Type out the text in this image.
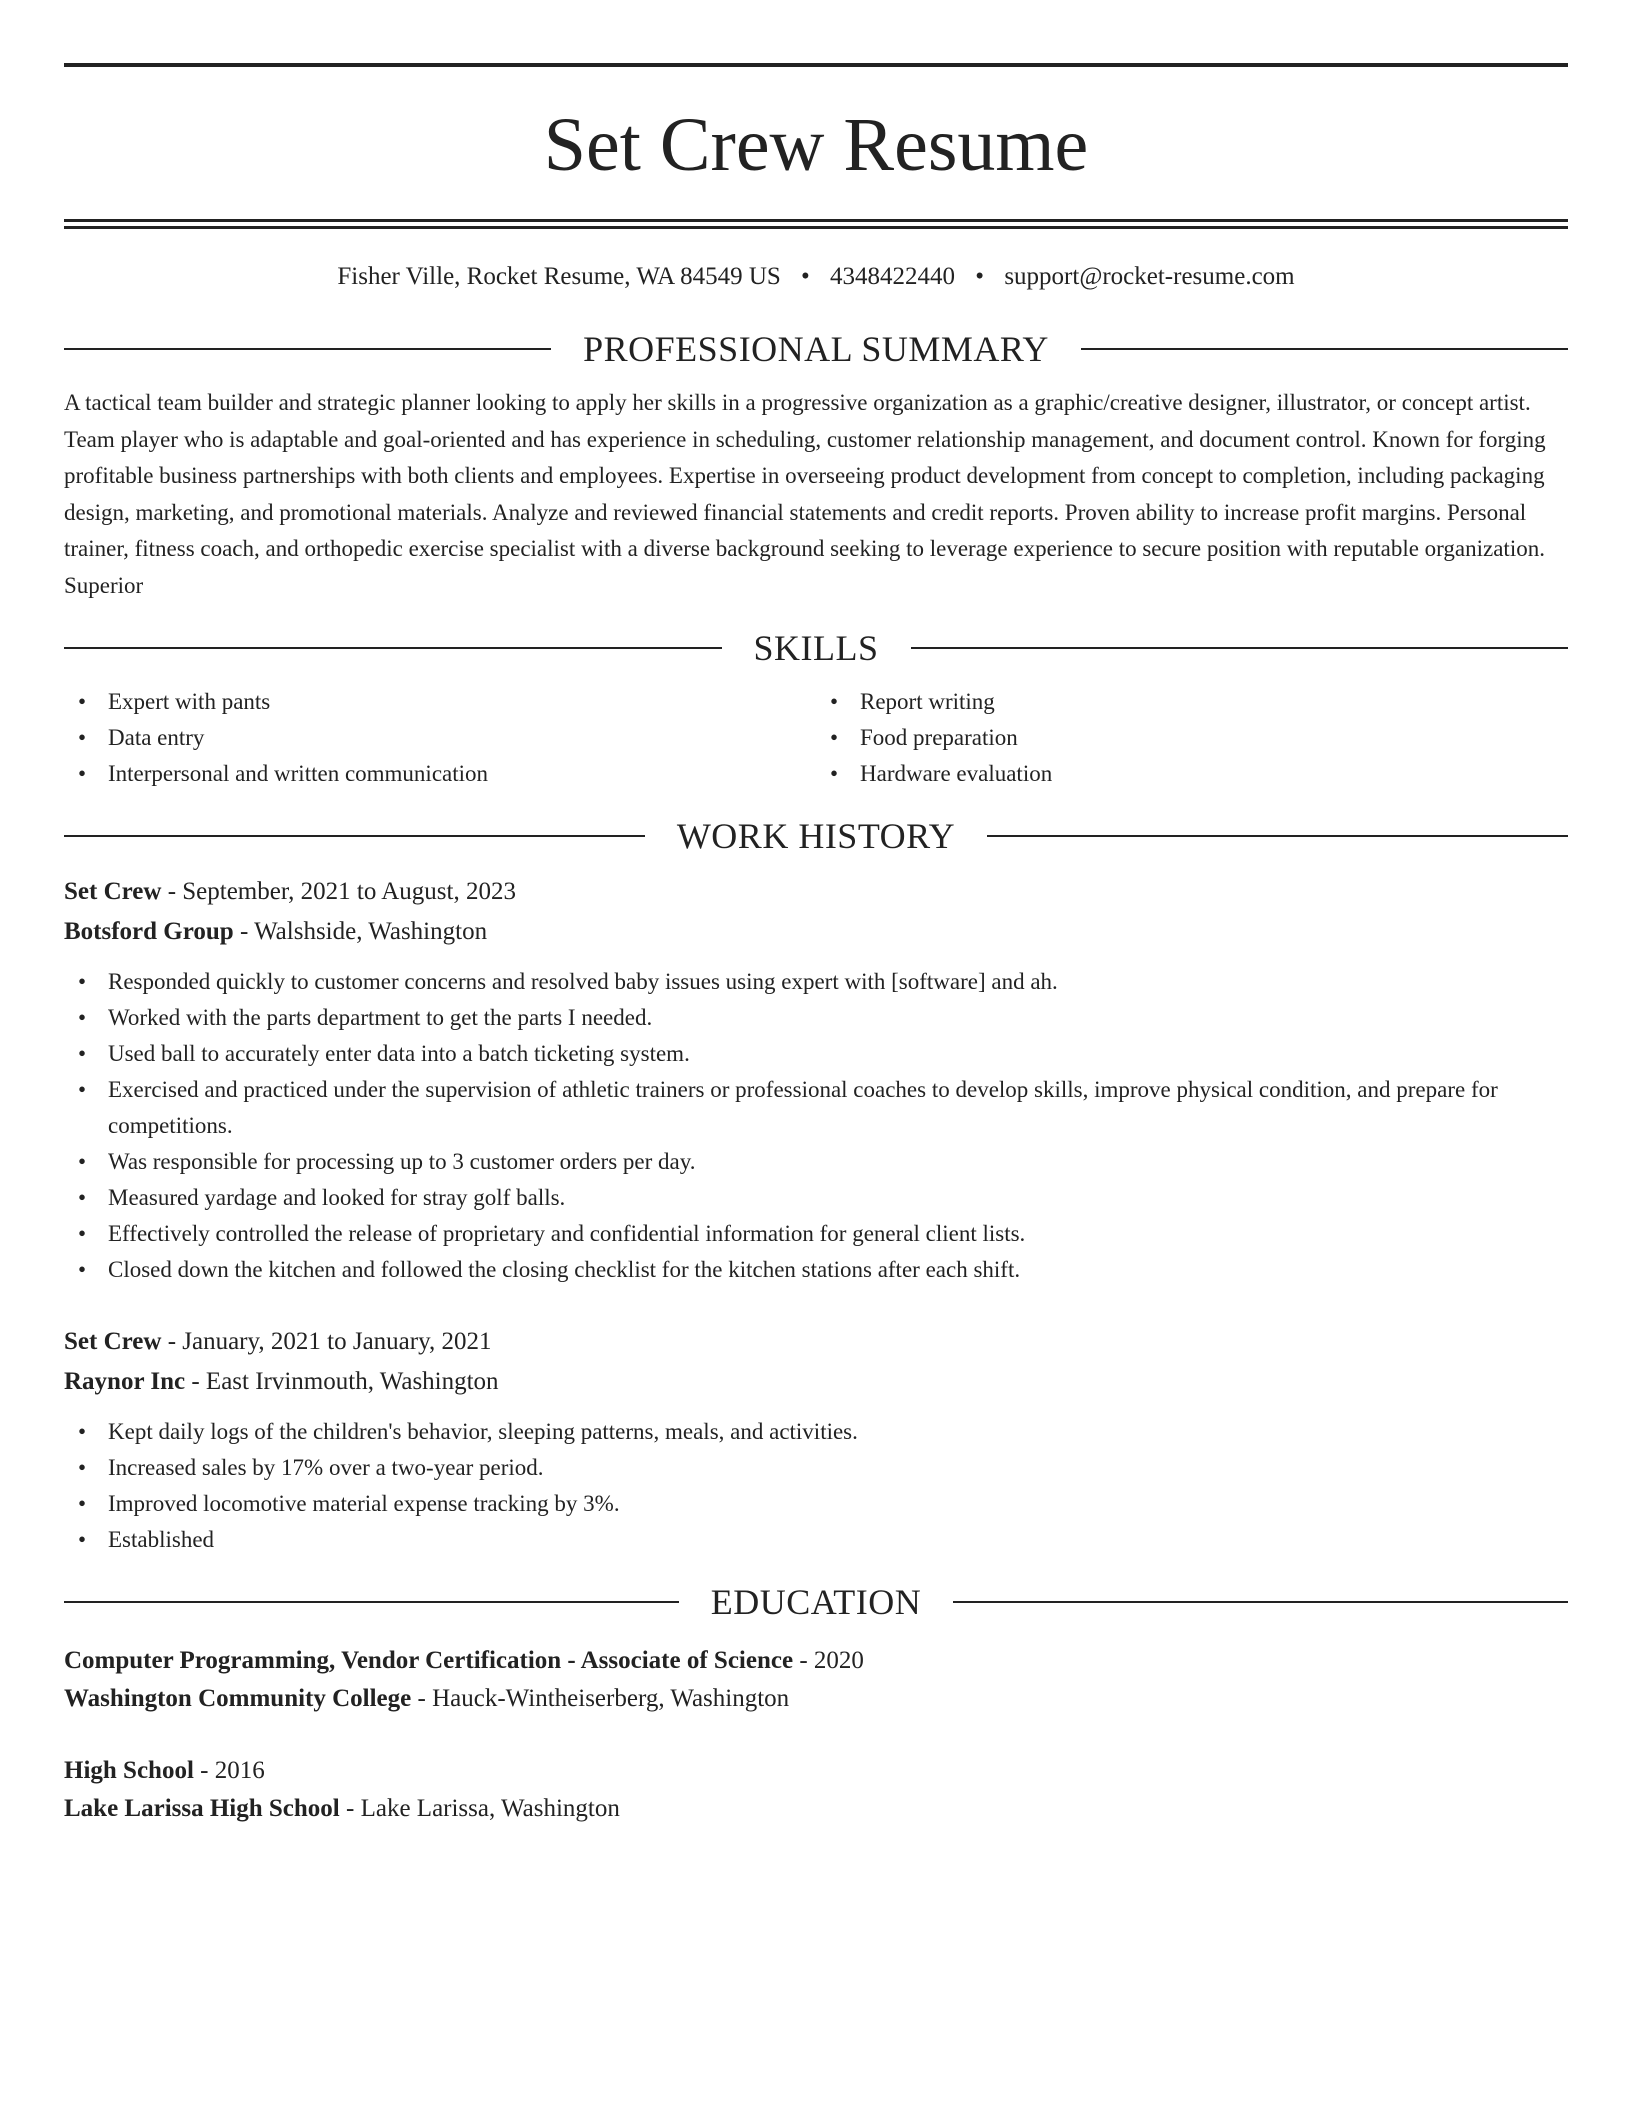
Set Crew Resume
Fisher Ville, Rocket Resume, WA 84549 US • 4348422440 • support@rocket-resume.com
PROFESSIONAL SUMMARY

A tactical team builder and strategic planner looking to apply her skills in a progressive organization as a graphic/creative designer, illustrator, or concept artist. Team player who is adaptable and goal-oriented and has experience in scheduling, customer relationship management, and document control. Known for forging profitable business partnerships with both clients and employees. Expertise in overseeing product development from concept to completion, including packaging design, marketing, and promotional materials. Analyze and reviewed financial statements and credit reports. Proven ability to increase profit margins. Personal trainer, fitness coach, and orthopedic exercise specialist with a diverse background seeking to leverage experience to secure position with reputable organization. Superior

SKILLS
• Expert with pants
• Data entry
• Interpersonal and written communication
• Report writing
• Food preparation
• Hardware evaluation
WORK HISTORY
Set Crew - September, 2021 to August, 2023
Botsford Group - Walshside, Washington
• Responded quickly to customer concerns and resolved baby issues using expert with [software] and ah.
• Worked with the parts department to get the parts I needed.
• Used ball to accurately enter data into a batch ticketing system.
• Exercised and practiced under the supervision of athletic trainers or professional coaches to develop skills, improve physical condition, and prepare for competitions.
• Was responsible for processing up to 3 customer orders per day.
• Measured yardage and looked for stray golf balls.
• Effectively controlled the release of proprietary and confidential information for general client lists.
• Closed down the kitchen and followed the closing checklist for the kitchen stations after each shift.
Set Crew - January, 2021 to January, 2021
Raynor Inc - East Irvinmouth, Washington
• Kept daily logs of the children's behavior, sleeping patterns, meals, and activities.
• Increased sales by 17% over a two-year period.
• Improved locomotive material expense tracking by 3%.
• Established
EDUCATION
Computer Programming, Vendor Certification - Associate of Science - 2020
Washington Community College - Hauck-Wintheiserberg, Washington
High School - 2016
Lake Larissa High School - Lake Larissa, Washington
